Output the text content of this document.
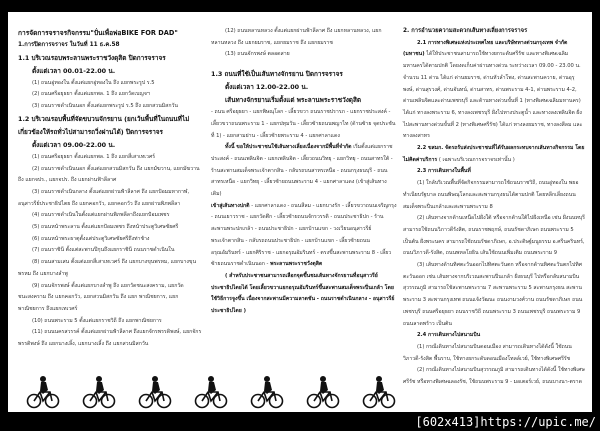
การจัดการจราจรกิจกรรม"ปั่นเพื่อพ่อBIKE FOR DAD"

1.การปิดการจราจร ในวันที่ 11 ธ.ค.58

1.1 บริเวณรอบพระลานพระราชวังดุสิต ปิดการจราจร

ตั้งแต่เวลา 00.01-22.00 น.

(1) ถนนอู่ทองใน ตั้งแต่แยกอู่ทองใน ถึง แยกพระรูป ร.5

(2) ถนนศรีอยุธยา ตั้งแต่แยกพล. 1 ถึง แยกวัดเบญจฯ

(3) ถนนราชดำเนินนอก ตั้งแต่แยกพระรูป ร.5 ถึง แยกสวนมิสกวัน

1.2 บริเวณรอบพื้นที่จัดขบวนจักรยาน (ยกเว้นพื้นที่ในถนนที่ไม่เกี่ยวข้องให้รถทั่วไปสามารถวิ่งผ่านได้) ปิดการจราจร

ตั้งแต่เวลา 09.00-22.00 น.

(1) ถนนศรีอยุธยา ตั้งแต่แยกพล. 1 ถึง แยกสี่เสาเทเวศร์

(2) ถนนราชดำเนินนอก ตั้งแต่แยกสวนมิสกวัน ถึง แยกมัฆวาน, แยกมัฆวาน ถึง แยกจปร., แยกจปร. ถึง แยกผ่านฟ้าลีลาศ

(3) ถนนราชดำเนินกลาง ตั้งแต่แยกผ่านฟ้าลีลาศ ถึง แยกป้อมมหากาฬ, อนุสาวรีย์ประชาธิปไตย ถึง แยกคอกวัว, แยกคอกวัว ถึง แยกผ่านพิภพลีลา

(4) ถนนราชดำเนินในตั้งแต่แยกผ่านพิภพลีลาถึงแยกป้อมเพชร

(5) ถนนหน้าพระลาน ตั้งแต่แยกป้อมเพชร ถึงหน้าประตูวิเศษชัยศรี

(6) ถนนหน้าพระธาตุตั้งแต่ประตูวิเศษชัยศรีถึงท่าช้าง

(7) ถนนราชินี ตั้งแต่สะพานปีกุนถึงแยกราชินี ถนนราชดำเนินใน

(8) ถนนสามเสน ตั้งแต่แยกสี่เสาเทเวศร์ ถึง แยกบางขุนพรหม, แยกบางขุนพรหม ถึง แยกบางลำพู

(9) ถนนจักรพงษ์ ตั้งแต่แยกบางลำพู ถึง แยกวัดชนะสงคราม, แยกวัดชนะสงคราม ถึง แยกคอกวัว, แยกสวนมิสกวัน ถึง แยก พาณิชยการ, แยกพาณิชยการ ถึงแยกเทเวศร์

(10) ถนนพระราม 5 ตั้งแต่แยกราชวิถี ถึง แยกพาณิชยการ

(11) ถนนนครสวรรค์ ตั้งแต่แยกผ่านฟ้าลีลาศ ถึงแยกจักรพรรดิพงษ์, แยกจักรพรรดิพงษ์ ถึง แยกนางเลิ้ง, แยกนางเลิ้ง ถึง แยกสวนมิสกวัน

(12) ถนนหลานหลวง ตั้งแต่แยกผ่านฟ้าลีลาศ ถึง แยกหลานหลวง, แยกหลานหลวง ถึง แยกยมราช, แยกยมราช ถึง แยกยมราช

(13) ถนนจักรพงษ์ ตลอดสาย

1.3 ถนนที่ใช้เป็นเส้นทางจักรยาน ปิดการจราจร

ตั้งแต่เวลา 12.00-22.00 น.

เส้นทางจักรยานเริ่มตั้งแต่ พระลานพระราชวังดุสิต

- ถนน ศรีอยุธยา - แยกพิษณุโลก - เลี้ยวขวา ถนนราชปรารภ - แยกราชประสงค์ - เลี้ยวขวาถนนพระราม 1 - แยกปทุมวัน - เลี้ยวซ้ายถนนพญาไท (ด้านซ้าย จุดประชันที่ 1) - แยกสามย่าน - เลี้ยวซ้ายพระราม 4 - แยกศาลาแดง

ทั้งนี้ ขอให้ประชาชนใช้เส้นทางเลี่ยงเนื่องจากมีพื้นที่จำกัด เริ่มตั้งแต่แยกราชประสงค์ - ถนนเพลินจิต - แยกเพลินจิต - เลี้ยวถนนวิทยุ - แยกวิทยุ - ถนนสาทรใต้ - ร้านสะพานสมเด็จพระเจ้าตากสิน - กลับรถบนสาทรเหนือ - ถนนกรุงธนบุรี - ถนนสาทรเหนือ - แยกวิทยุ - เลี้ยวซ้ายถนนพระราม 4 - แยกศาลาแดง (เข้าสู่เส้นทางเดิม)

เข้าสู่เส้นทางปกติ - แยกศาลาแดง - ถนนสีลม - แยกบางรัก - เลี้ยวขวาถนนเจริญกรุง - ถนนเยาวราช - แยกวัดตึก - เลี้ยวซ้ายถนนจักรวรรดิ - ถนนประชาธิปก - ร้านสะพานพระปกเกล้า - ถนนประชาธิปก - แยกบ้านแขก - วงเวียนอนุสาวรีย์พระเจ้าตากสิน - กลับรถถนนประชาธิปก - แยกบ้านแขก - เลี้ยวซ้ายถนนอรุณอัมรินทร์ - แยกศิริราช - แยกอรุณอัมรินทร์ - ตรงขึ้นสะพานพระราม 8 - เลี้ยวซ้ายถนนราชดำเนินนอก - พระลานพระราชวังดุสิต

( สำหรับประชาชนสามารถเลือกจุดขึ้นชมเส้นทางจักรยานที่อนุสาวรีย์ประชาธิปไตยได้ โดยเลี้ยวขวาแยกอรุณอัมรินทร์ขึ้นสะพานสมเด็จพระปิ่นเกล้า โดยใช้วิธีการจูงขึ้น เนื่องจากสะพานมีความลาดชัน - ถนนราชดำเนินกลาง - อนุสาวรีย์ประชาธิปไตย )

2. การอำนวยความสะดวกเส้นทางเลี่ยงการจราจร

2.1 การทางพิเศษแห่งประเทศไทย และบริษัททางด่วนกรุงเทพ จำกัด (มหาชน) ได้ให้ประชาชนสามารถใช้ทางยกระดับศรีรัช และทางพิเศษเฉลิมมหานครได้ตามปกติ โดยงดเก็บค่าผ่านทางด่วน ระหว่างเวลา 09.00 - 23.00 น. จำนวน 11 ด่าน ได้แก่ ด่านยมราช, ด่านหัวลำโพง, ด่านสะพานควาย, ด่านอุรุพงษ์, ด่านสุรวงศ์, ด่านจันทน์, ด่านสาทร, ด่านพระราม 4-1, ด่านพระราม 4-2, ด่านเพลินจิตและด่านเพชรบุรี และด้านทางด่วนขั้นที่ 1 (ทางพิเศษเฉลิมมหานคร) ได้แก่ ทางลงพระราม 6, ทางลงเพชรบุรี ฝั่งไปทางประตูน้ำ และทางลงเพลินจิต ฝั่งไปสะพานทางด่วนขั้นที่ 2 (ทางพิเศษศรีรัช) ได้แก่ ทางลงยมราช, ทางลงสีลม และทางลงสาทร

2.2 ขสมก. จัดรถรับส่งประชาชนที่ได้รับผลกระทบจากเส้นทางกิจกรรม โดยไม่คิดค่าบริการ ( เฉพาะบริเวณการจราจรเท่านั้น )

2.3 การเดินทางในพื้นที่

(1) ใกล้บริเวณพื้นที่จัดกิจกรรมสามารถใช้ถนนราชวิถี, ถนนอู่ทองใน พยอทำเนียบรัฐบาล ถนนพิษณุโลกและสะพานกรุงธนได้ตามปกติ โดยหลีกเลี่ยงถนนสมเด็จพระปิ่นเกล้าและสะพานพระราม 8

(2) เส้นทางจากด้านเหนือไปฝั่งใต้ หรือจากด้านใต้ไปฝั่งเหนือ เช่น ฝั่งนนทบุรี สามารถใช้ถนนวิภาวดีรังสิต, ถนนราชพฤกษ์, ถนนรัชดาภิเษก ถนนพระราม 5 เป็นต้น ฝั่งพระนคร สามารถใช้ถนนรัชดาภิเษก, อ.ประดิษฐ์มนูธรรม อ.ศรีนครินทร์, ถนนวิภาวดี-รังสิต, ถนนพหลโยธิน เส้นใช้ถนนเพิ่มเติม ถนนพระราม 9

(3) เส้นทางด้านทิศตะวันออกไปทิศตะวันตก หรือจากด้านทิศตะวันตกไปทิศตะวันออก เช่น เส้นทางจากบริเวณสะพานปิ่นเกล้า ฝั่งธนบุรี ไปหรือกลับสนามบินสุวรรณภูมิ สามารถใช้สะพานพระราม 7 สะพานพระราม 5 สะพานกรุงธน สะพานพระราม 3 สะพานกรุงเทพ ถนนแจ้งวัฒนะ ถนนงามวงศ์วาน ถนนรัชดาภิเษก ถนนเพชรบุรี ถนนศรีอยุธยา ถนนราชวิถี ถนนพระราม 3 ถนนเพชรบุรี ถนนพระราม 9 ถนนลาดพร้าว เป็นต้น

2.4 การเดินทางไปสนามบิน

(1) กรณีเดินทางไปสนามบินดอนเมือง สามารถเดินทางได้ดังนี้ ใช้ถนนวิภาวดี-รังสิต พื้นราบ, ใช้ทางยกระดับดอนเมืองโทลล์เวย์, ใช้ทางพิเศษศรีรัช

(2) กรณีเดินทางไปสนามบินสุวรรณภูมิ สามารถเดินทางได้ดังนี้ ใช้ทางพิเศษศรีรัช หรือทางพิเศษฉลองรัช, ใช้ถนนพระราม 9 - มอเตอร์เวย์, ถนนบางนา-ตราด

[602x413]https://upic.me/
